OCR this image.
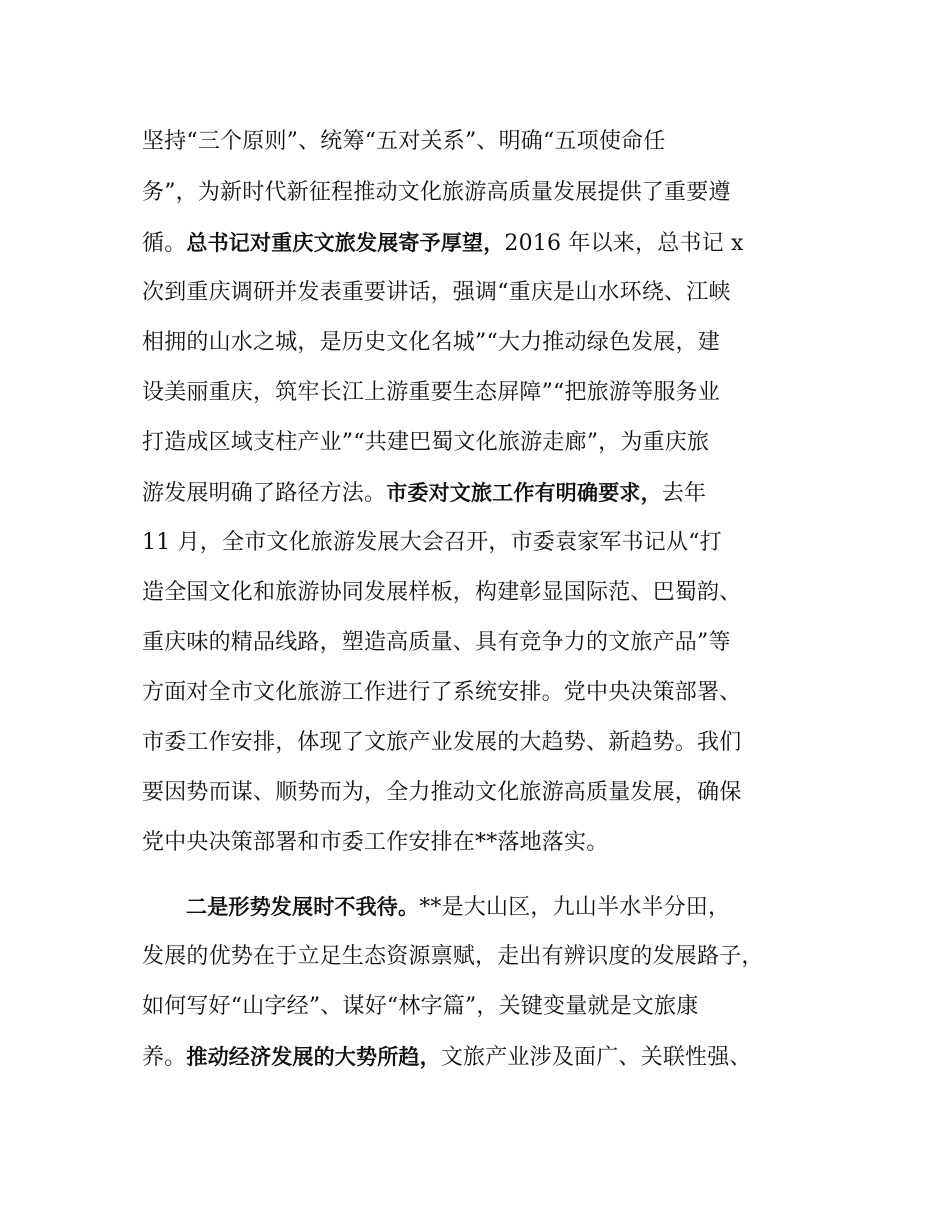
坚持“三个原则”、统筹“五对关系”、明确“五项使命任
务”，为新时代新征程推动文化旅游高质量发展提供了重要遵
循。总书记对重庆文旅发展寄予厚望，2016 年以来，总书记 x
次到重庆调研并发表重要讲话，强调“重庆是山水环绕、江峡
相拥的山水之城，是历史文化名城”“大力推动绿色发展，建
设美丽重庆，筑牢长江上游重要生态屏障”“把旅游等服务业
打造成区域支柱产业”“共建巴蜀文化旅游走廊”，为重庆旅
游发展明确了路径方法。市委对文旅工作有明确要求，去年
11 月，全市文化旅游发展大会召开，市委袁家军书记从“打
造全国文化和旅游协同发展样板，构建彰显国际范、巴蜀韵、
重庆味的精品线路，塑造高质量、具有竞争力的文旅产品”等
方面对全市文化旅游工作进行了系统安排。党中央决策部署、
市委工作安排，体现了文旅产业发展的大趋势、新趋势。我们
要因势而谋、顺势而为，全力推动文化旅游高质量发展，确保
党中央决策部署和市委工作安排在**落地落实。
二是形势发展时不我待。**是大山区，九山半水半分田，
发展的优势在于立足生态资源禀赋，走出有辨识度的发展路子，
如何写好“山字经”、谋好“林字篇”，关键变量就是文旅康
养。推动经济发展的大势所趋，文旅产业涉及面广、关联性强、
